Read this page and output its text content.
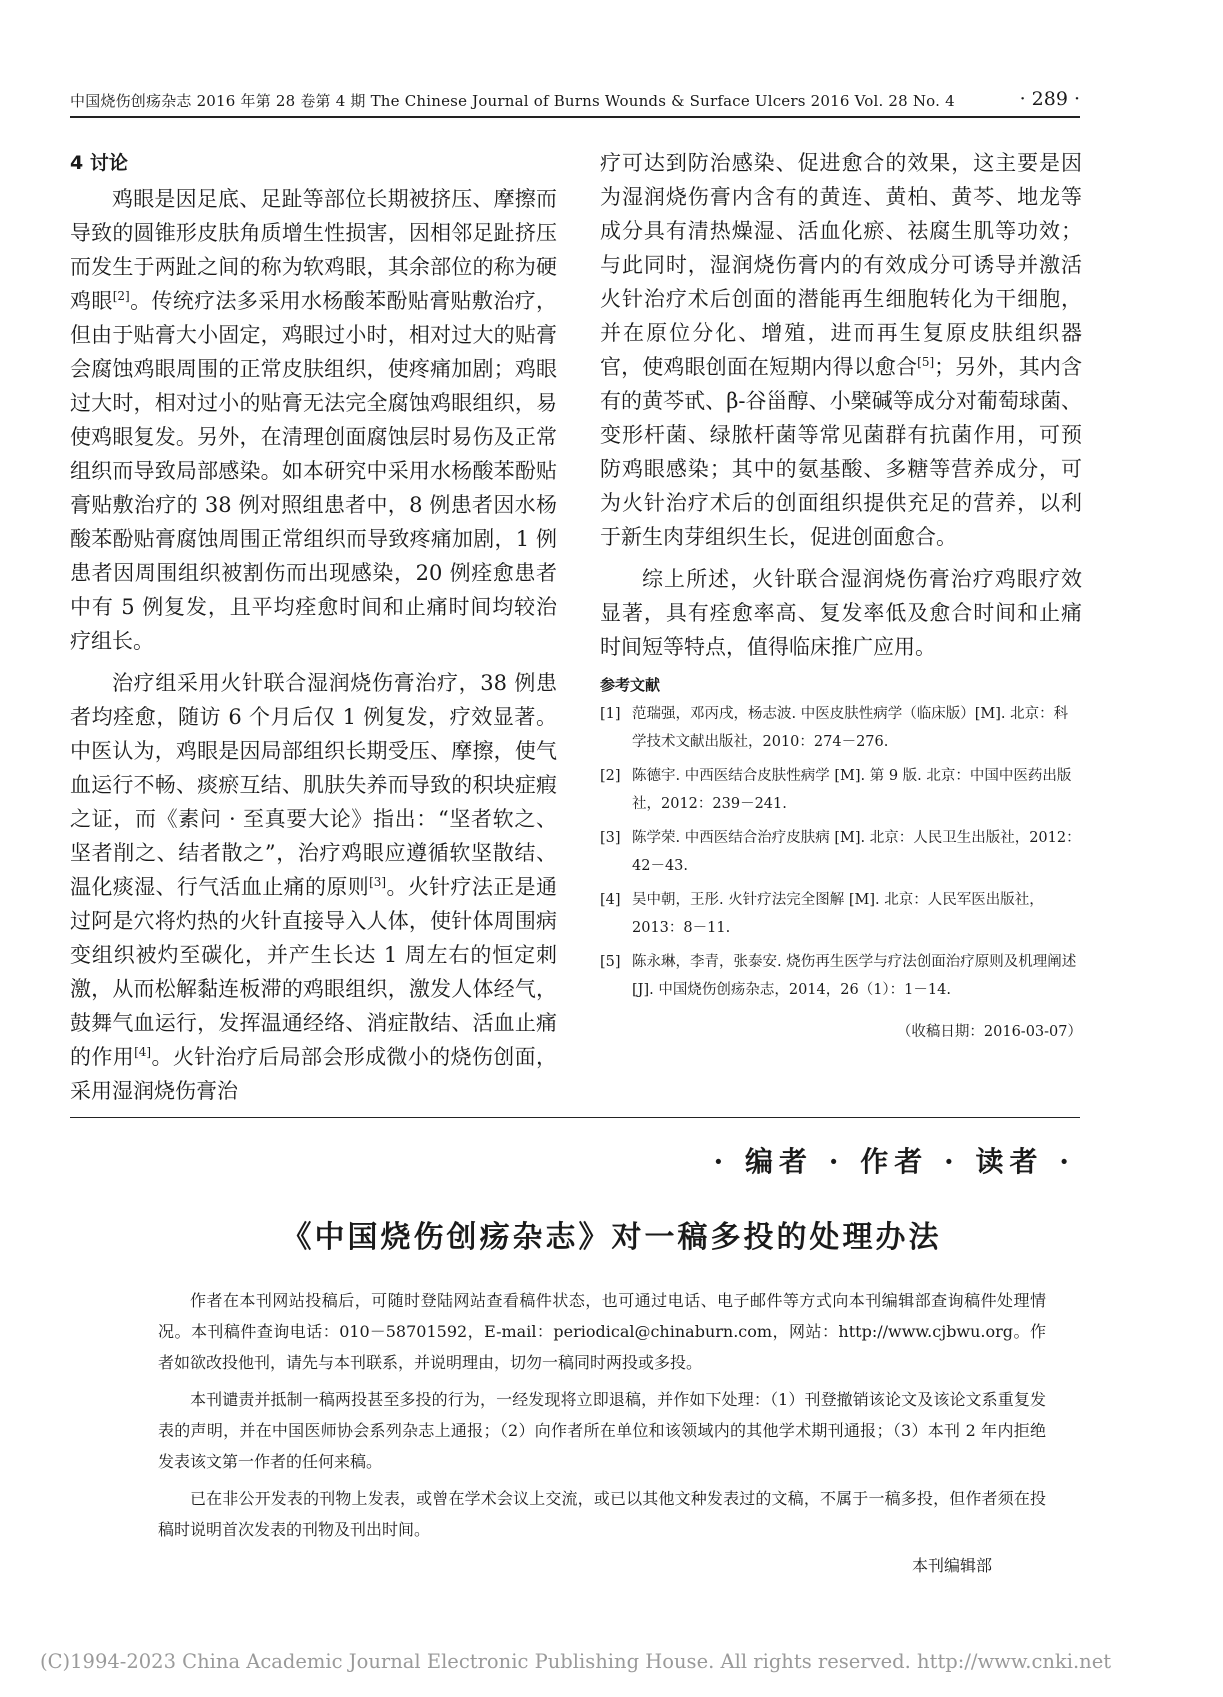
中国烧伤创疡杂志 2016 年第 28 卷第 4 期 The Chinese Journal of Burns Wounds & Surface Ulcers 2016 Vol. 28 No. 4	· 289 ·
4 讨论

鸡眼是因足底、足趾等部位长期被挤压、摩擦而导致的圆锥形皮肤角质增生性损害，因相邻足趾挤压而发生于两趾之间的称为软鸡眼，其余部位的称为硬鸡眼[2]。传统疗法多采用水杨酸苯酚贴膏贴敷治疗，但由于贴膏大小固定，鸡眼过小时，相对过大的贴膏会腐蚀鸡眼周围的正常皮肤组织，使疼痛加剧；鸡眼过大时，相对过小的贴膏无法完全腐蚀鸡眼组织，易使鸡眼复发。另外，在清理创面腐蚀层时易伤及正常组织而导致局部感染。如本研究中采用水杨酸苯酚贴膏贴敷治疗的 38 例对照组患者中，8 例患者因水杨酸苯酚贴膏腐蚀周围正常组织而导致疼痛加剧，1 例患者因周围组织被割伤而出现感染，20 例痊愈患者中有 5 例复发，且平均痊愈时间和止痛时间均较治疗组长。

治疗组采用火针联合湿润烧伤膏治疗，38 例患者均痊愈，随访 6 个月后仅 1 例复发，疗效显著。中医认为，鸡眼是因局部组织长期受压、摩擦，使气血运行不畅、痰瘀互结、肌肤失养而导致的积块症瘕之证，而《素问 · 至真要大论》指出：“坚者软之、坚者削之、结者散之”，治疗鸡眼应遵循软坚散结、温化痰湿、行气活血止痛的原则[3]。火针疗法正是通过阿是穴将灼热的火针直接导入人体，使针体周围病变组织被灼至碳化，并产生长达 1 周左右的恒定刺激，从而松解黏连板滞的鸡眼组织，激发人体经气，鼓舞气血运行，发挥温通经络、消症散结、活血止痛的作用[4]。火针治疗后局部会形成微小的烧伤创面，采用湿润烧伤膏治

疗可达到防治感染、促进愈合的效果，这主要是因为湿润烧伤膏内含有的黄连、黄柏、黄芩、地龙等成分具有清热燥湿、活血化瘀、祛腐生肌等功效；与此同时，湿润烧伤膏内的有效成分可诱导并激活火针治疗术后创面的潜能再生细胞转化为干细胞，并在原位分化、增殖，进而再生复原皮肤组织器官，使鸡眼创面在短期内得以愈合[5]；另外，其内含有的黄芩甙、β-谷甾醇、小檗碱等成分对葡萄球菌、变形杆菌、绿脓杆菌等常见菌群有抗菌作用，可预防鸡眼感染；其中的氨基酸、多糖等营养成分，可为火针治疗术后的创面组织提供充足的营养，以利于新生肉芽组织生长，促进创面愈合。

综上所述，火针联合湿润烧伤膏治疗鸡眼疗效显著，具有痊愈率高、复发率低及愈合时间和止痛时间短等特点，值得临床推广应用。

参考文献
[1] 范瑞强，邓丙戌，杨志波. 中医皮肤性病学（临床版）[M]. 北京：科学技术文献出版社，2010：274－276.
[2] 陈德宇. 中西医结合皮肤性病学 [M]. 第 9 版. 北京：中国中医药出版社，2012：239－241.
[3] 陈学荣. 中西医结合治疗皮肤病 [M]. 北京：人民卫生出版社，2012：42－43.
[4] 吴中朝，王彤. 火针疗法完全图解 [M]. 北京：人民军医出版社，2013：8－11.
[5] 陈永琳，李青，张泰安. 烧伤再生医学与疗法创面治疗原则及机理阐述 [J]. 中国烧伤创疡杂志，2014，26（1）：1－14.
（收稿日期：2016-03-07）
· 编者 · 作者 · 读者 ·
《中国烧伤创疡杂志》对一稿多投的处理办法

作者在本刊网站投稿后，可随时登陆网站查看稿件状态，也可通过电话、电子邮件等方式向本刊编辑部查询稿件处理情况。本刊稿件查询电话：010－58701592，E-mail：periodical@chinaburn.com，网站：http://www.cjbwu.org。作者如欲改投他刊，请先与本刊联系，并说明理由，切勿一稿同时两投或多投。

本刊谴责并抵制一稿两投甚至多投的行为，一经发现将立即退稿，并作如下处理：（1）刊登撤销该论文及该论文系重复发表的声明，并在中国医师协会系列杂志上通报；（2）向作者所在单位和该领域内的其他学术期刊通报；（3）本刊 2 年内拒绝发表该文第一作者的任何来稿。

已在非公开发表的刊物上发表，或曾在学术会议上交流，或已以其他文种发表过的文稿，不属于一稿多投，但作者须在投稿时说明首次发表的刊物及刊出时间。

本刊编辑部
(C)1994-2023 China Academic Journal Electronic Publishing House. All rights reserved. http://www.cnki.net
